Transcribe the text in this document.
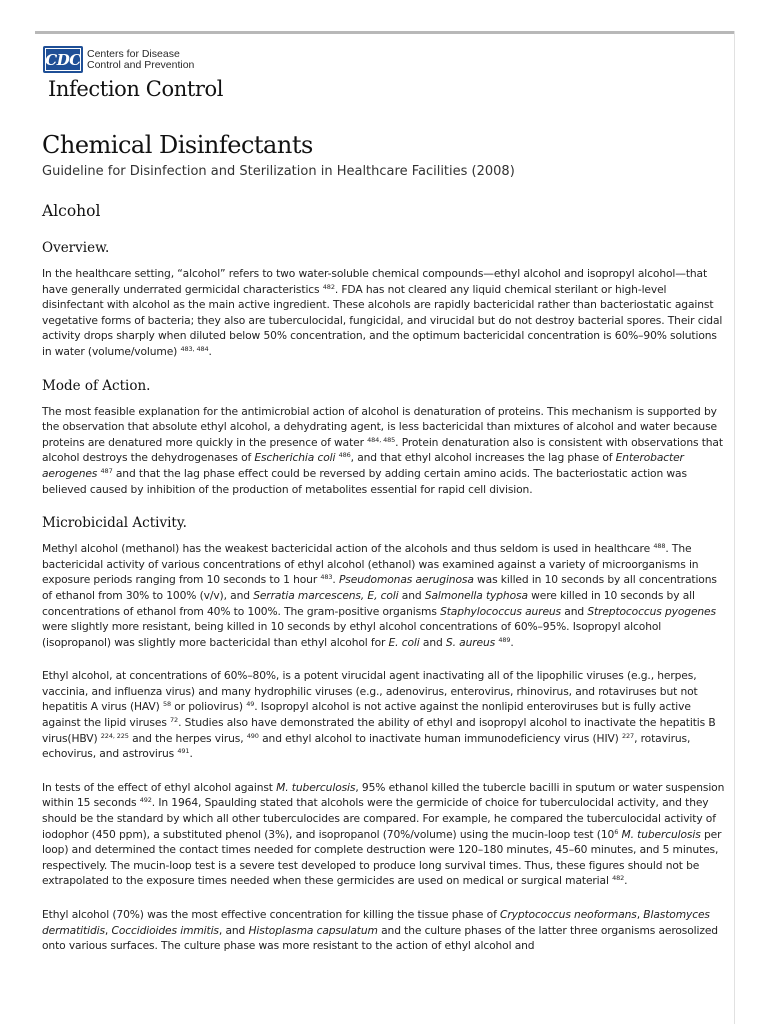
CDC Centers for Disease
Control and Prevention
Infection Control
Chemical Disinfectants
Guideline for Disinfection and Sterilization in Healthcare Facilities (2008)
Alcohol
Overview.

In the healthcare setting, “alcohol” refers to two water-soluble chemical compounds—ethyl alcohol and isopropyl alcohol—that have generally underrated germicidal characteristics $^{482}$. FDA has not cleared any liquid chemical sterilant or high-level disinfectant with alcohol as the main active ingredient. These alcohols are rapidly bactericidal rather than bacteriostatic against vegetative forms of bacteria; they also are tuberculocidal, fungicidal, and virucidal but do not destroy bacterial spores. Their cidal activity drops sharply when diluted below 50% concentration, and the optimum bactericidal concentration is 60%–90% solutions in water (volume/volume) $^{483, 484}$.

Mode of Action.

The most feasible explanation for the antimicrobial action of alcohol is denaturation of proteins. This mechanism is supported by the observation that absolute ethyl alcohol, a dehydrating agent, is less bactericidal than mixtures of alcohol and water because proteins are denatured more quickly in the presence of water $^{484, 485}$. Protein denaturation also is consistent with observations that alcohol destroys the dehydrogenases of Escherichia coli $^{486}$, and that ethyl alcohol increases the lag phase of Enterobacter aerogenes $^{487}$ and that the lag phase effect could be reversed by adding certain amino acids. The bacteriostatic action was believed caused by inhibition of the production of metabolites essential for rapid cell division.

Microbicidal Activity.

Methyl alcohol (methanol) has the weakest bactericidal action of the alcohols and thus seldom is used in healthcare $^{488}$. The bactericidal activity of various concentrations of ethyl alcohol (ethanol) was examined against a variety of microorganisms in exposure periods ranging from 10 seconds to 1 hour $^{483}$. Pseudomonas aeruginosa was killed in 10 seconds by all concentrations of ethanol from 30% to 100% (v/v), and Serratia marcescens, E, coli and Salmonella typhosa were killed in 10 seconds by all concentrations of ethanol from 40% to 100%. The gram-positive organisms Staphylococcus aureus and Streptococcus pyogenes were slightly more resistant, being killed in 10 seconds by ethyl alcohol concentrations of 60%–95%. Isopropyl alcohol (isopropanol) was slightly more bactericidal than ethyl alcohol for E. coli and S. aureus $^{489}$.

Ethyl alcohol, at concentrations of 60%–80%, is a potent virucidal agent inactivating all of the lipophilic viruses (e.g., herpes, vaccinia, and influenza virus) and many hydrophilic viruses (e.g., adenovirus, enterovirus, rhinovirus, and rotaviruses but not hepatitis A virus (HAV) $^{58}$ or poliovirus) $^{49}$. Isopropyl alcohol is not active against the nonlipid enteroviruses but is fully active against the lipid viruses $^{72}$. Studies also have demonstrated the ability of ethyl and isopropyl alcohol to inactivate the hepatitis B virus(HBV) $^{224, 225}$ and the herpes virus, $^{490}$ and ethyl alcohol to inactivate human immunodeficiency virus (HIV) $^{227}$, rotavirus, echovirus, and astrovirus $^{491}$.

In tests of the effect of ethyl alcohol against M. tuberculosis, 95% ethanol killed the tubercle bacilli in sputum or water suspension within 15 seconds $^{492}$. In 1964, Spaulding stated that alcohols were the germicide of choice for tuberculocidal activity, and they should be the standard by which all other tuberculocides are compared. For example, he compared the tuberculocidal activity of iodophor (450 ppm), a substituted phenol (3%), and isopropanol (70%/volume) using the mucin-loop test ($10^6$ M. tuberculosis per loop) and determined the contact times needed for complete destruction were 120–180 minutes, 45–60 minutes, and 5 minutes, respectively. The mucin-loop test is a severe test developed to produce long survival times. Thus, these figures should not be extrapolated to the exposure times needed when these germicides are used on medical or surgical material $^{482}$.

Ethyl alcohol (70%) was the most effective concentration for killing the tissue phase of Cryptococcus neoformans, Blastomyces dermatitidis, Coccidioides immitis, and Histoplasma capsulatum and the culture phases of the latter three organisms aerosolized onto various surfaces. The culture phase was more resistant to the action of ethyl alcohol and
